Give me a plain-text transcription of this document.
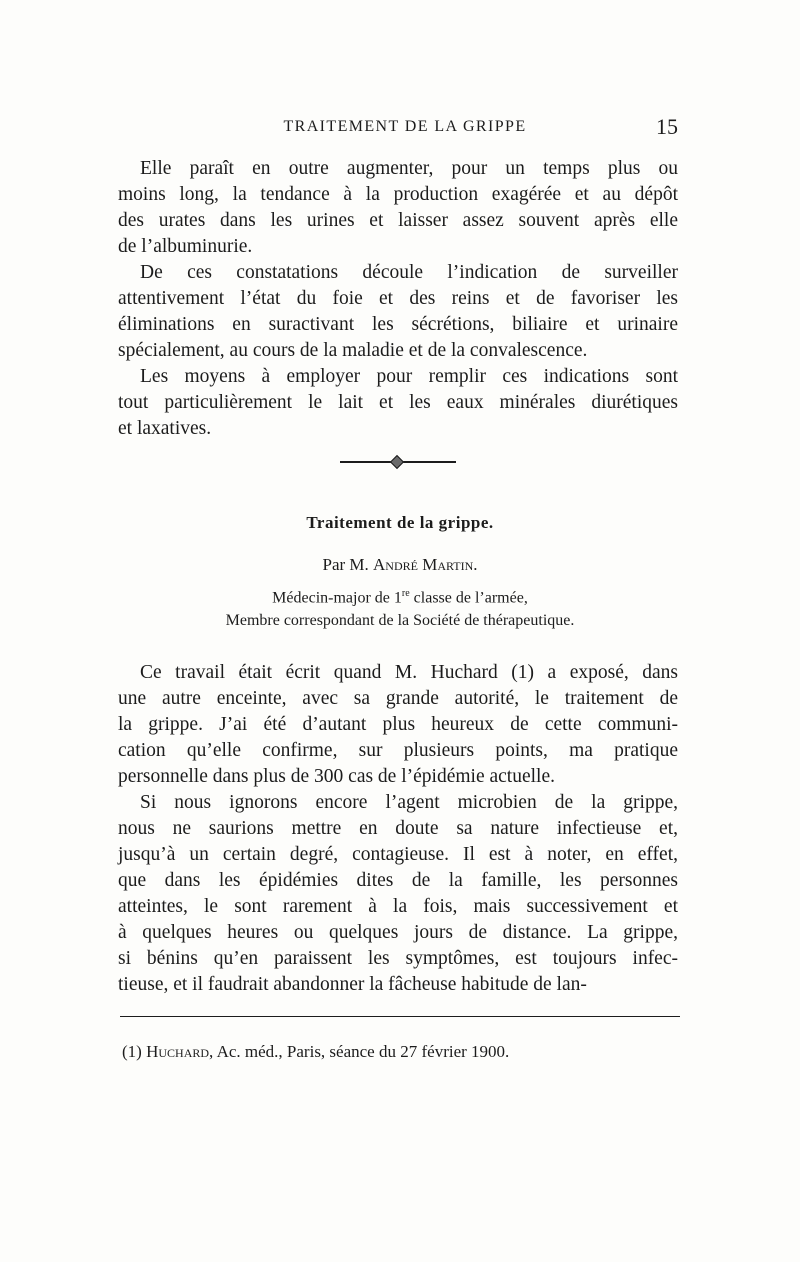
TRAITEMENT DE LA GRIPPE	15

Elle paraît en outre augmenter, pour un temps plus ou
moins long, la tendance à la production exagérée et au dépôt
des urates dans les urines et laisser assez souvent après elle
de l’albuminurie.

De ces constatations découle l’indication de surveiller
attentivement l’état du foie et des reins et de favoriser les
éliminations en suractivant les sécrétions, biliaire et urinaire
spécialement, au cours de la maladie et de la convalescence.

Les moyens à employer pour remplir ces indications sont
tout particulièrement le lait et les eaux minérales diurétiques
et laxatives.

Traitement de la grippe.
Par M. André Martin.
Médecin-major de 1re classe de l’armée,
Membre correspondant de la Société de thérapeutique.

Ce travail était écrit quand M. Huchard (1) a exposé, dans
une autre enceinte, avec sa grande autorité, le traitement de
la grippe. J’ai été d’autant plus heureux de cette communi-
cation qu’elle confirme, sur plusieurs points, ma pratique
personnelle dans plus de 300 cas de l’épidémie actuelle.

Si nous ignorons encore l’agent microbien de la grippe,
nous ne saurions mettre en doute sa nature infectieuse et,
jusqu’à un certain degré, contagieuse. Il est à noter, en effet,
que dans les épidémies dites de la famille, les personnes
atteintes, le sont rarement à la fois, mais successivement et
à quelques heures ou quelques jours de distance. La grippe,
si bénins qu’en paraissent les symptômes, est toujours infec-
tieuse, et il faudrait abandonner la fâcheuse habitude de lan-

(1) Huchard, Ac. méd., Paris, séance du 27 février 1900.
